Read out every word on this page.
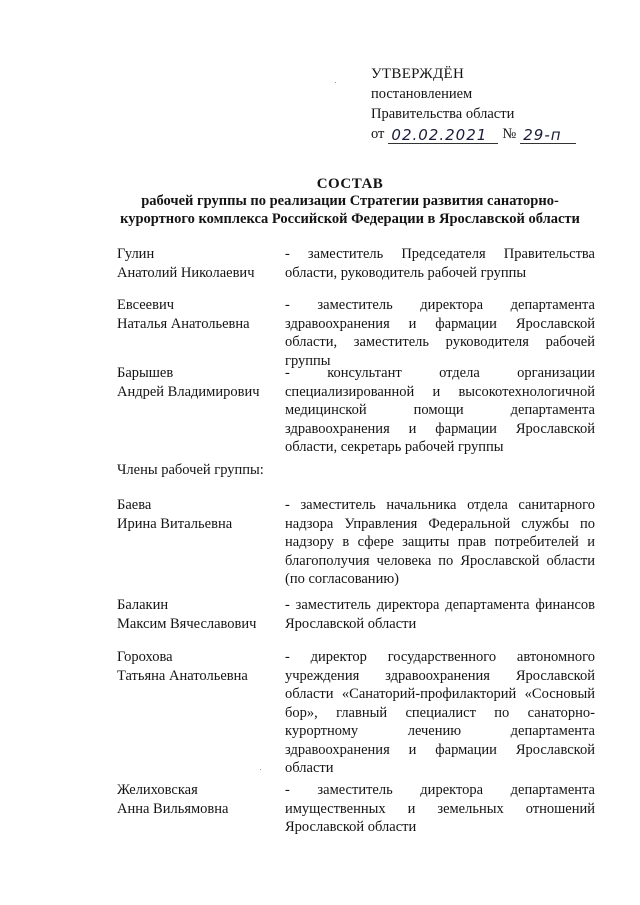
УТВЕРЖДЁН
постановлением
Правительства области
от 02.02.2021	№ 29-п
СОСТАВ
рабочей группы по реализации Стратегии развития санаторно-
курортного комплекса Российской Федерации в Ярославской области
Гулин
Анатолий Николаевич
- заместитель Председателя Правительства области, руководитель рабочей группы
Евсеевич
Наталья Анатольевна
- заместитель директора департамента здравоохранения и фармации Ярославской области, заместитель руководителя рабочей группы
Барышев
Андрей Владимирович
- консультант отдела организации специализированной и высокотехнологичной медицинской помощи департамента здравоохранения и фармации Ярославской области, секретарь рабочей группы
Члены рабочей группы:
Баева
Ирина Витальевна
- заместитель начальника отдела санитарного надзора Управления Федеральной службы по надзору в сфере защиты прав потребителей и благополучия человека по Ярославской области (по согласованию)
Балакин
Максим Вячеславович
- заместитель директора департамента финансов Ярославской области
Горохова
Татьяна Анатольевна
- директор государственного автономного учреждения здравоохранения Ярославской области «Санаторий-профилакторий «Сосновый бор», главный специалист по санаторно-курортному лечению департамента здравоохранения и фармации Ярославской области
Желиховская
Анна Вильямовна
- заместитель директора департамента имущественных и земельных отношений Ярославской области
